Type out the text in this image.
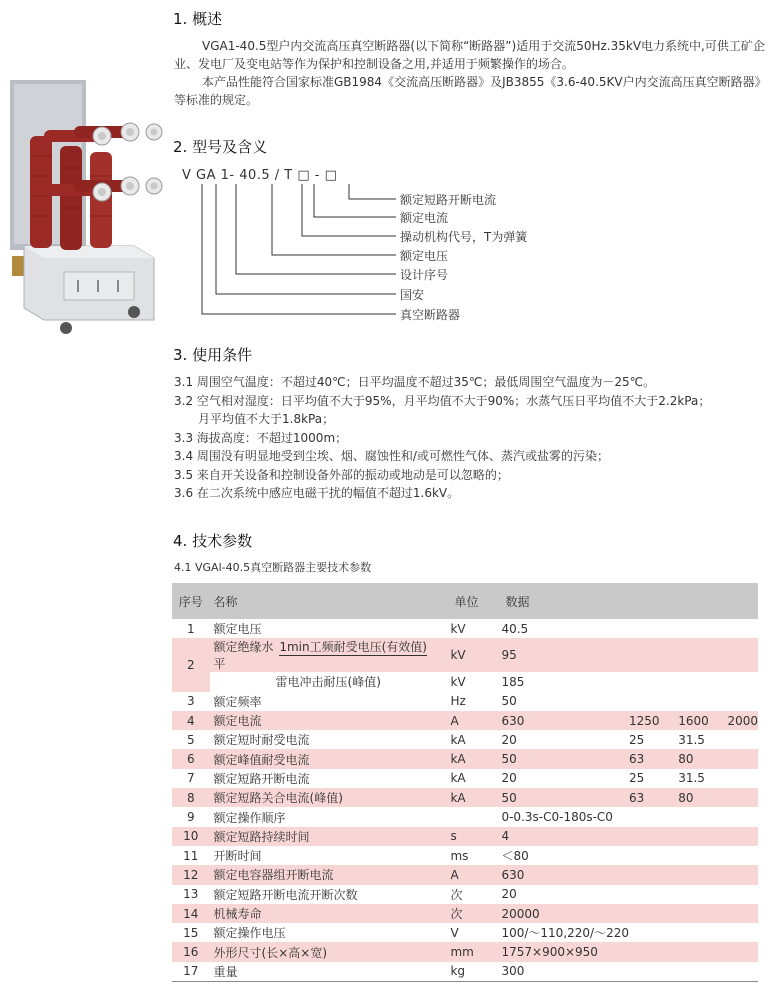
1. 概述

VGA1-40.5型户内交流高压真空断路器(以下简称“断路器”)适用于交流50Hz.35kV电力系统中,可供工矿企业、发电厂及变电站等作为保护和控制设备之用,并适用于频繁操作的场合。

本产品性能符合国家标准GB1984《交流高压断路器》及JB3855《3.6-40.5KV户内交流高压真空断路器》等标准的规定。

2. 型号及含义
V GA 1- 40.5 / T □ - □
额定短路开断电流
额定电流
操动机构代号，T为弹簧
额定电压
设计序号
国安
真空断路器
3. 使用条件
3.1 周围空气温度：不超过40℃；日平均温度不超过35℃；最低周围空气温度为－25℃。
3.2 空气相对湿度：日平均值不大于95%，月平均值不大于90%；水蒸气压日平均值不大于2.2kPa；
月平均值不大于1.8kPa；
3.3 海拔高度：不超过1000m；
3.4 周围没有明显地受到尘埃、烟、腐蚀性和/或可燃性气体、蒸汽或盐雾的污染；
3.5 来自开关设备和控制设备外部的振动或地动是可以忽略的；
3.6 在二次系统中感应电磁干扰的幅值不超过1.6kV。
4. 技术参数
4.1 VGAl-40.5真空断路器主要技术参数
序号	名称	单位	数据			
1	额定电压	kV	40.5			
2	额定绝缘水平 1min工频耐受电压(有效值)	kV	95			
	雷电冲击耐压(峰值)	kV	185			
3	额定频率	Hz	50			
4	额定电流	A	630	1250	1600	2000
5	额定短时耐受电流	kA	20	25	31.5	
6	额定峰值耐受电流	kA	50	63	80	
7	额定短路开断电流	kA	20	25	31.5	
8	额定短路关合电流(峰值)	kA	50	63	80	
9	额定操作顺序		0-0.3s-C0-180s-C0			
10	额定短路持续时间	s	4			
11	开断时间	ms	＜80			
12	额定电容器组开断电流	A	630			
13	额定短路开断电流开断次数	次	20			
14	机械寿命	次	20000			
15	额定操作电压	V	100/～110,220/～220			
16	外形尺寸(长×高×宽)	mm	1757×900×950			
17	重量	kg	300			
